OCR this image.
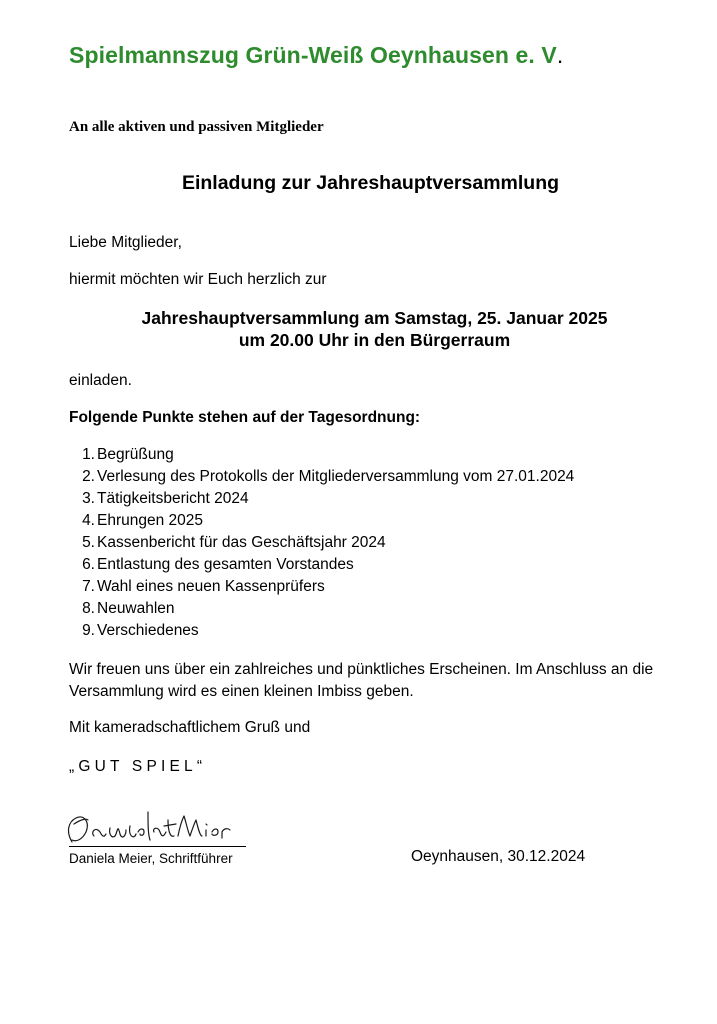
Spielmannszug Grün-Weiß Oeynhausen e. V.
An alle aktiven und passiven Mitglieder
Einladung zur Jahreshauptversammlung
Liebe Mitglieder,
hiermit möchten wir Euch herzlich zur
Jahreshauptversammlung am Samstag, 25. Januar 2025
um 20.00 Uhr in den Bürgerraum
einladen.
Folgende Punkte stehen auf der Tagesordnung:
1. Begrüßung
2. Verlesung des Protokolls der Mitgliederversammlung vom 27.01.2024
3. Tätigkeitsbericht 2024
4. Ehrungen 2025
5. Kassenbericht für das Geschäftsjahr 2024
6. Entlastung des gesamten Vorstandes
7. Wahl eines neuen Kassenprüfers
8. Neuwahlen
9. Verschiedenes
Wir freuen uns über ein zahlreiches und pünktliches Erscheinen. Im Anschluss an die Versammlung wird es einen kleinen Imbiss geben.
Mit kameradschaftlichem Gruß und
„GUT SPIEL“
Daniela Meier, Schriftführer	Oeynhausen, 30.12.2024
